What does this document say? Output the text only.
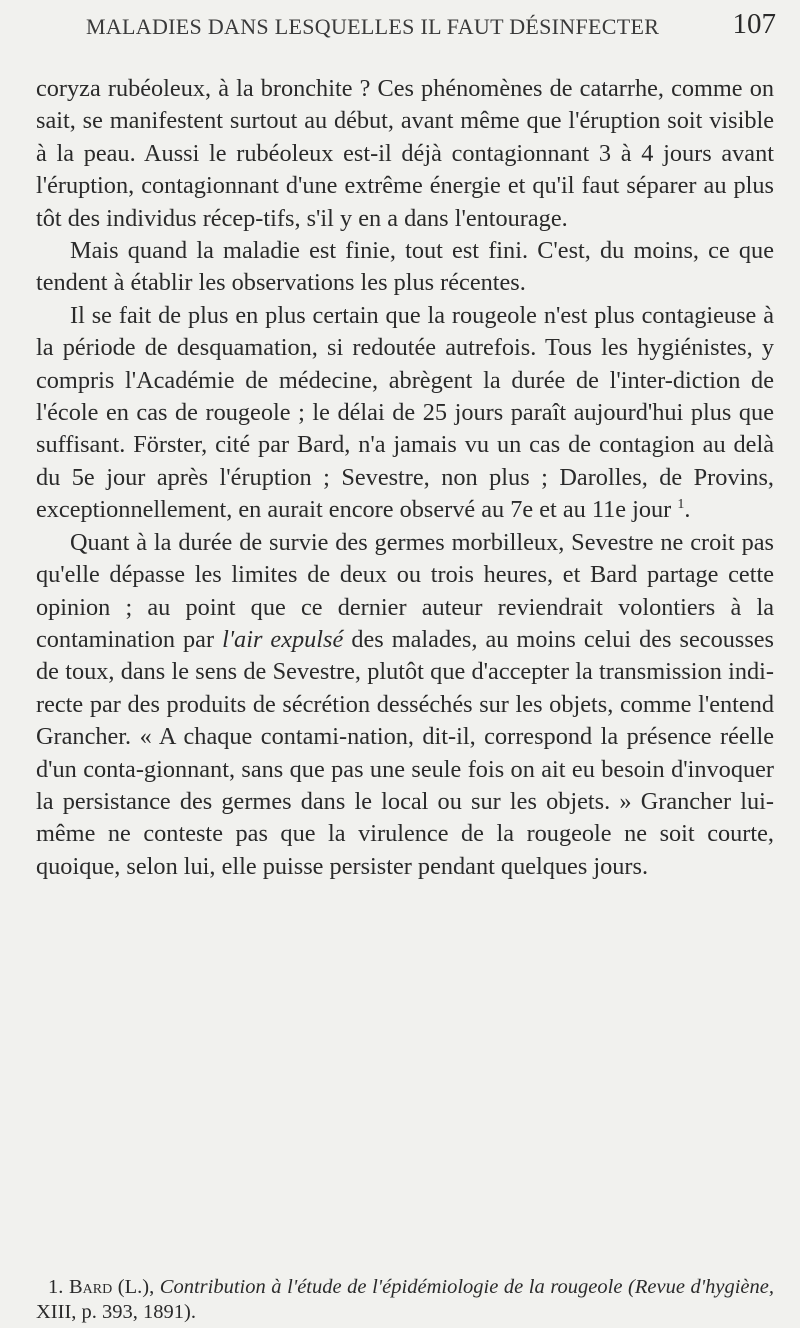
MALADIES DANS LESQUELLES IL FAUT DÉSINFECTER	107

coryza rubéoleux, à la bronchite ? Ces phénomènes de catarrhe, comme on sait, se manifestent surtout au début, avant même que l'éruption soit visible à la peau. Aussi le rubéoleux est-il déjà contagionnant 3 à 4 jours avant l'éruption, contagionnant d'une extrême énergie et qu'il faut séparer au plus tôt des individus récep-tifs, s'il y en a dans l'entourage.

Mais quand la maladie est finie, tout est fini. C'est, du moins, ce que tendent à établir les observations les plus récentes.

Il se fait de plus en plus certain que la rougeole n'est plus contagieuse à la période de desquamation, si redoutée autrefois. Tous les hygiénistes, y compris l'Académie de médecine, abrègent la durée de l'inter-diction de l'école en cas de rougeole ; le délai de 25 jours paraît aujourd'hui plus que suffisant. Förster, cité par Bard, n'a jamais vu un cas de contagion au delà du 5e jour après l'éruption ; Sevestre, non plus ; Darolles, de Provins, exceptionnellement, en aurait encore observé au 7e et au 11e jour $^1$.

Quant à la durée de survie des germes morbilleux, Sevestre ne croit pas qu'elle dépasse les limites de deux ou trois heures, et Bard partage cette opinion ; au point que ce dernier auteur reviendrait volontiers à la contamination par l'air expulsé des malades, au moins celui des secousses de toux, dans le sens de Sevestre, plutôt que d'accepter la transmission indi-recte par des produits de sécrétion desséchés sur les objets, comme l'entend Grancher. « A chaque contami-nation, dit-il, correspond la présence réelle d'un conta-gionnant, sans que pas une seule fois on ait eu besoin d'invoquer la persistance des germes dans le local ou sur les objets. » Grancher lui-même ne conteste pas que la virulence de la rougeole ne soit courte, quoique, selon lui, elle puisse persister pendant quelques jours.

1. Bard (L.), Contribution à l'étude de l'épidémiologie de la rougeole (Revue d'hygiène, XIII, p. 393, 1891).
